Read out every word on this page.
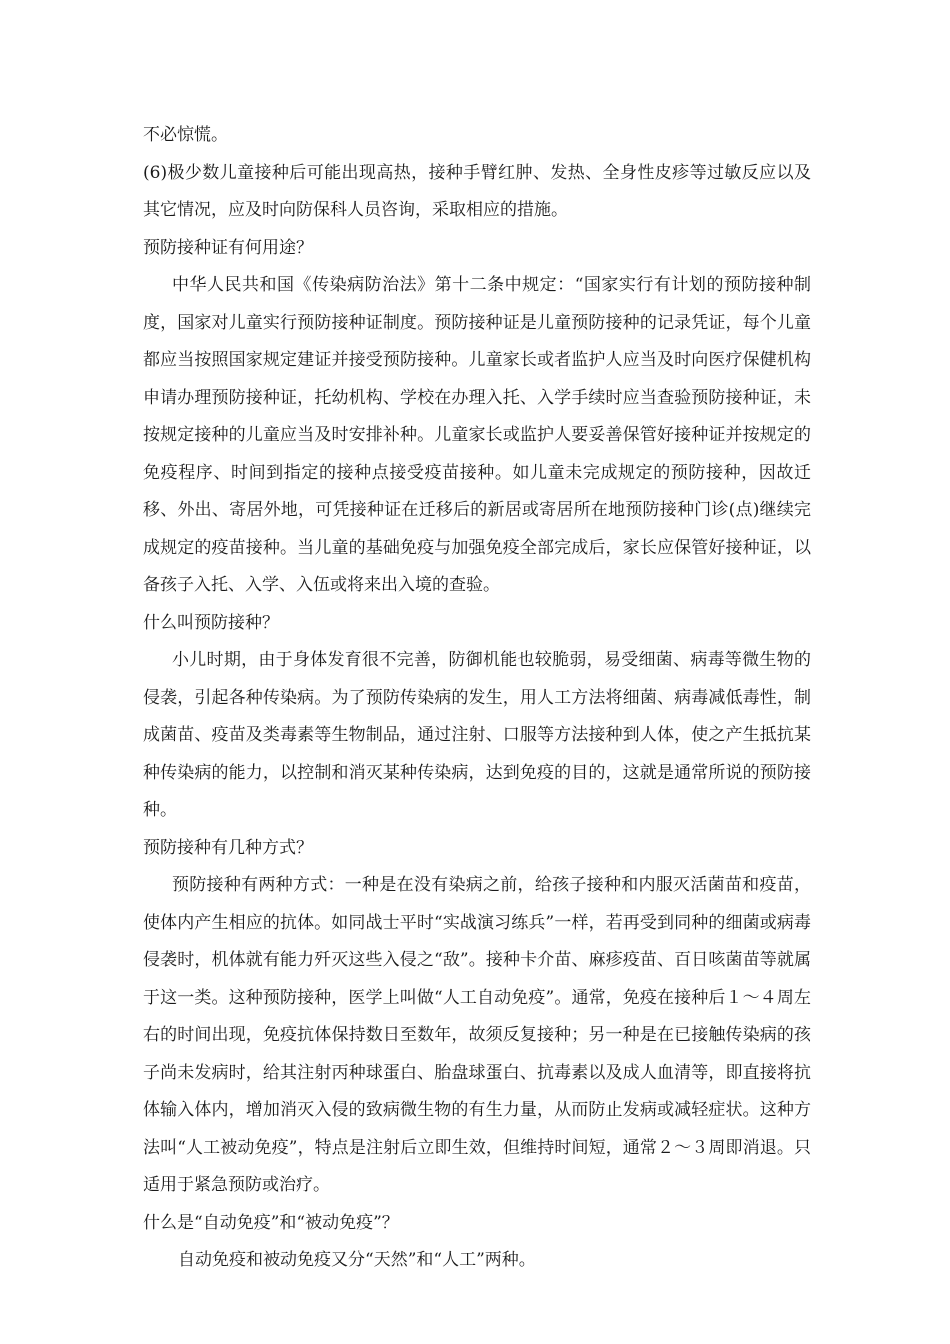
不必惊慌。

(6)极少数儿童接种后可能出现高热，接种手臂红肿、发热、全身性皮疹等过敏反应以及其它情况，应及时向防保科人员咨询，采取相应的措施。

预防接种证有何用途？

中华人民共和国《传染病防治法》第十二条中规定：“国家实行有计划的预防接种制度，国家对儿童实行预防接种证制度。预防接种证是儿童预防接种的记录凭证，每个儿童都应当按照国家规定建证并接受预防接种。儿童家长或者监护人应当及时向医疗保健机构申请办理预防接种证，托幼机构、学校在办理入托、入学手续时应当查验预防接种证，未按规定接种的儿童应当及时安排补种。儿童家长或监护人要妥善保管好接种证并按规定的免疫程序、时间到指定的接种点接受疫苗接种。如儿童未完成规定的预防接种，因故迁移、外出、寄居外地，可凭接种证在迁移后的新居或寄居所在地预防接种门诊(点)继续完成规定的疫苗接种。当儿童的基础免疫与加强免疫全部完成后，家长应保管好接种证，以备孩子入托、入学、入伍或将来出入境的查验。

什么叫预防接种？

小儿时期，由于身体发育很不完善，防御机能也较脆弱，易受细菌、病毒等微生物的侵袭，引起各种传染病。为了预防传染病的发生，用人工方法将细菌、病毒减低毒性，制成菌苗、疫苗及类毒素等生物制品，通过注射、口服等方法接种到人体，使之产生抵抗某种传染病的能力，以控制和消灭某种传染病，达到免疫的目的，这就是通常所说的预防接种。

预防接种有几种方式？

预防接种有两种方式：一种是在没有染病之前，给孩子接种和内服灭活菌苗和疫苗，使体内产生相应的抗体。如同战士平时“实战演习练兵”一样，若再受到同种的细菌或病毒侵袭时，机体就有能力歼灭这些入侵之“敌”。接种卡介苗、麻疹疫苗、百日咳菌苗等就属于这一类。这种预防接种，医学上叫做“人工自动免疫”。通常，免疫在接种后１～４周左右的时间出现，免疫抗体保持数日至数年，故须反复接种；另一种是在已接触传染病的孩子尚未发病时，给其注射丙种球蛋白、胎盘球蛋白、抗毒素以及成人血清等，即直接将抗体输入体内，增加消灭入侵的致病微生物的有生力量，从而防止发病或减轻症状。这种方法叫“人工被动免疫”，特点是注射后立即生效，但维持时间短，通常２～３周即消退。只适用于紧急预防或治疗。

什么是“自动免疫”和“被动免疫”？

自动免疫和被动免疫又分“天然”和“人工”两种。
